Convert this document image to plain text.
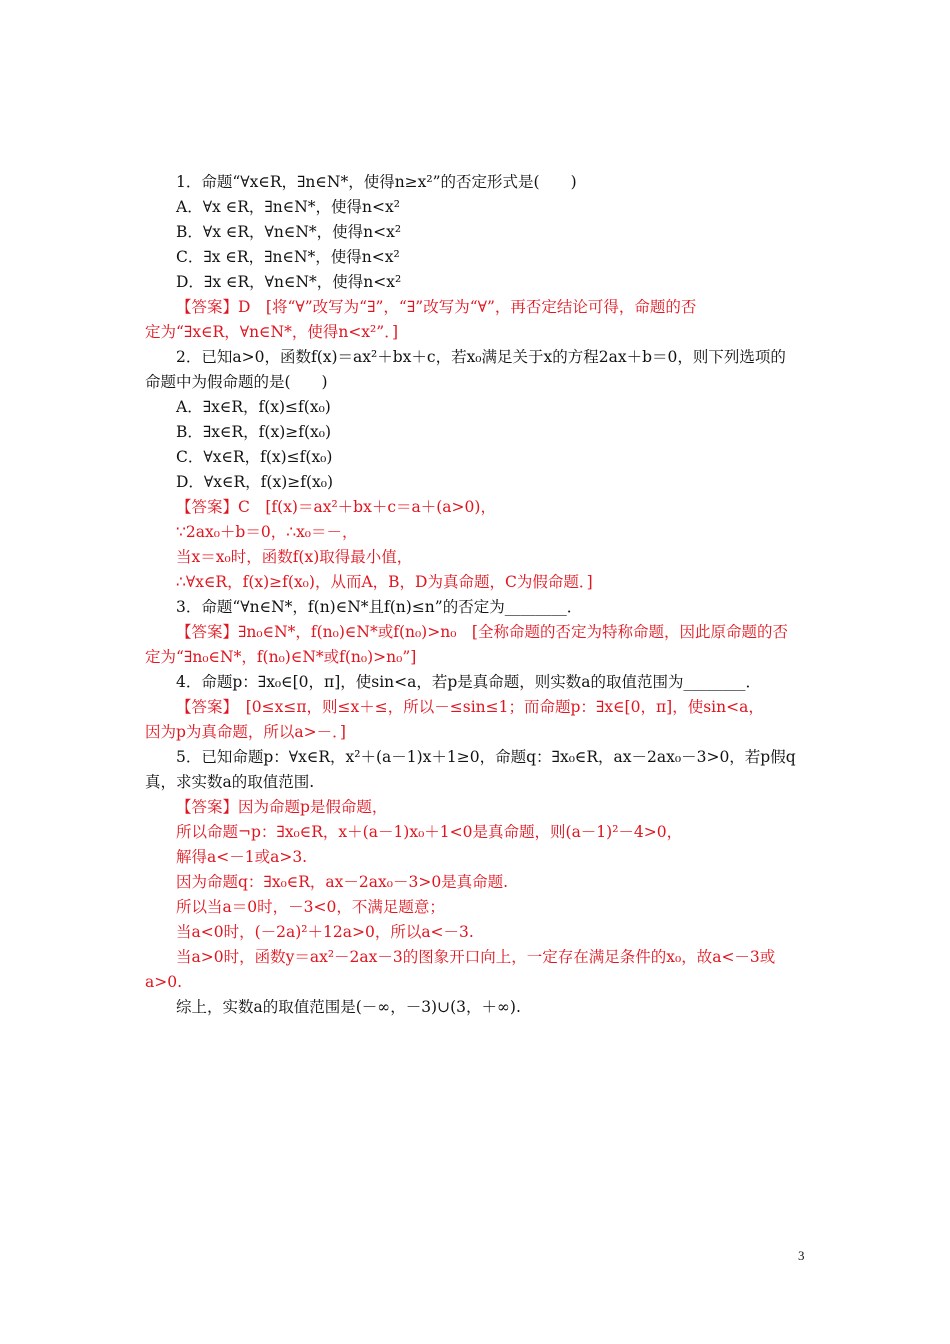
1．命题“∀x∈R，∃n∈N*，使得n≥x²”的否定形式是(　　)
A．∀x ∈R，∃n∈N*，使得n<x²
B．∀x ∈R，∀n∈N*，使得n<x²
C．∃x ∈R，∃n∈N*，使得n<x²
D．∃x ∈R，∀n∈N*，使得n<x²
【答案】D　[将“∀”改写为“∃”，“∃”改写为“∀”，再否定结论可得，命题的否
定为“∃x∈R，∀n∈N*，使得n<x²”．]
2．已知a>0，函数f(x)＝ax²＋bx＋c，若x₀满足关于x的方程2ax＋b＝0，则下列选项的
命题中为假命题的是(　　)
A．∃x∈R，f(x)≤f(x₀)
B．∃x∈R，f(x)≥f(x₀)
C．∀x∈R，f(x)≤f(x₀)
D．∀x∈R，f(x)≥f(x₀)
【答案】C　[f(x)＝ax²＋bx＋c＝a＋(a>0)，
∵2ax₀＋b＝0，∴x₀＝－，
当x＝x₀时，函数f(x)取得最小值，
∴∀x∈R，f(x)≥f(x₀)，从而A，B，D为真命题，C为假命题．]
3．命题“∀n∈N*，f(n)∈N*且f(n)≤n”的否定为________．
【答案】∃n₀∈N*，f(n₀)∈N*或f(n₀)>n₀　[全称命题的否定为特称命题，因此原命题的否
定为“∃n₀∈N*，f(n₀)∈N*或f(n₀)>n₀”]
4．命题p：∃x₀∈[0，π]，使sin<a，若p是真命题，则实数a的取值范围为________．
【答案】　[0≤x≤π，则≤x＋≤，所以－≤sin≤1；而命题p：∃x∈[0，π]，使sin<a，
因为p为真命题，所以a>－．]
5．已知命题p：∀x∈R，x²＋(a－1)x＋1≥0，命题q：∃x₀∈R，ax－2ax₀－3>0，若p假q
真，求实数a的取值范围.
【答案】因为命题p是假命题，
所以命题¬p：∃x₀∈R，x＋(a－1)x₀＋1<0是真命题，则(a－1)²－4>0，
解得a<－1或a>3.
因为命题q：∃x₀∈R，ax－2ax₀－3>0是真命题.
所以当a＝0时，－3<0，不满足题意；
当a<0时，(－2a)²＋12a>0，所以a<－3.
当a>0时，函数y＝ax²－2ax－3的图象开口向上，一定存在满足条件的x₀，故a<－3或
a>0.
综上，实数a的取值范围是(－∞，－3)∪(3，＋∞).
3
